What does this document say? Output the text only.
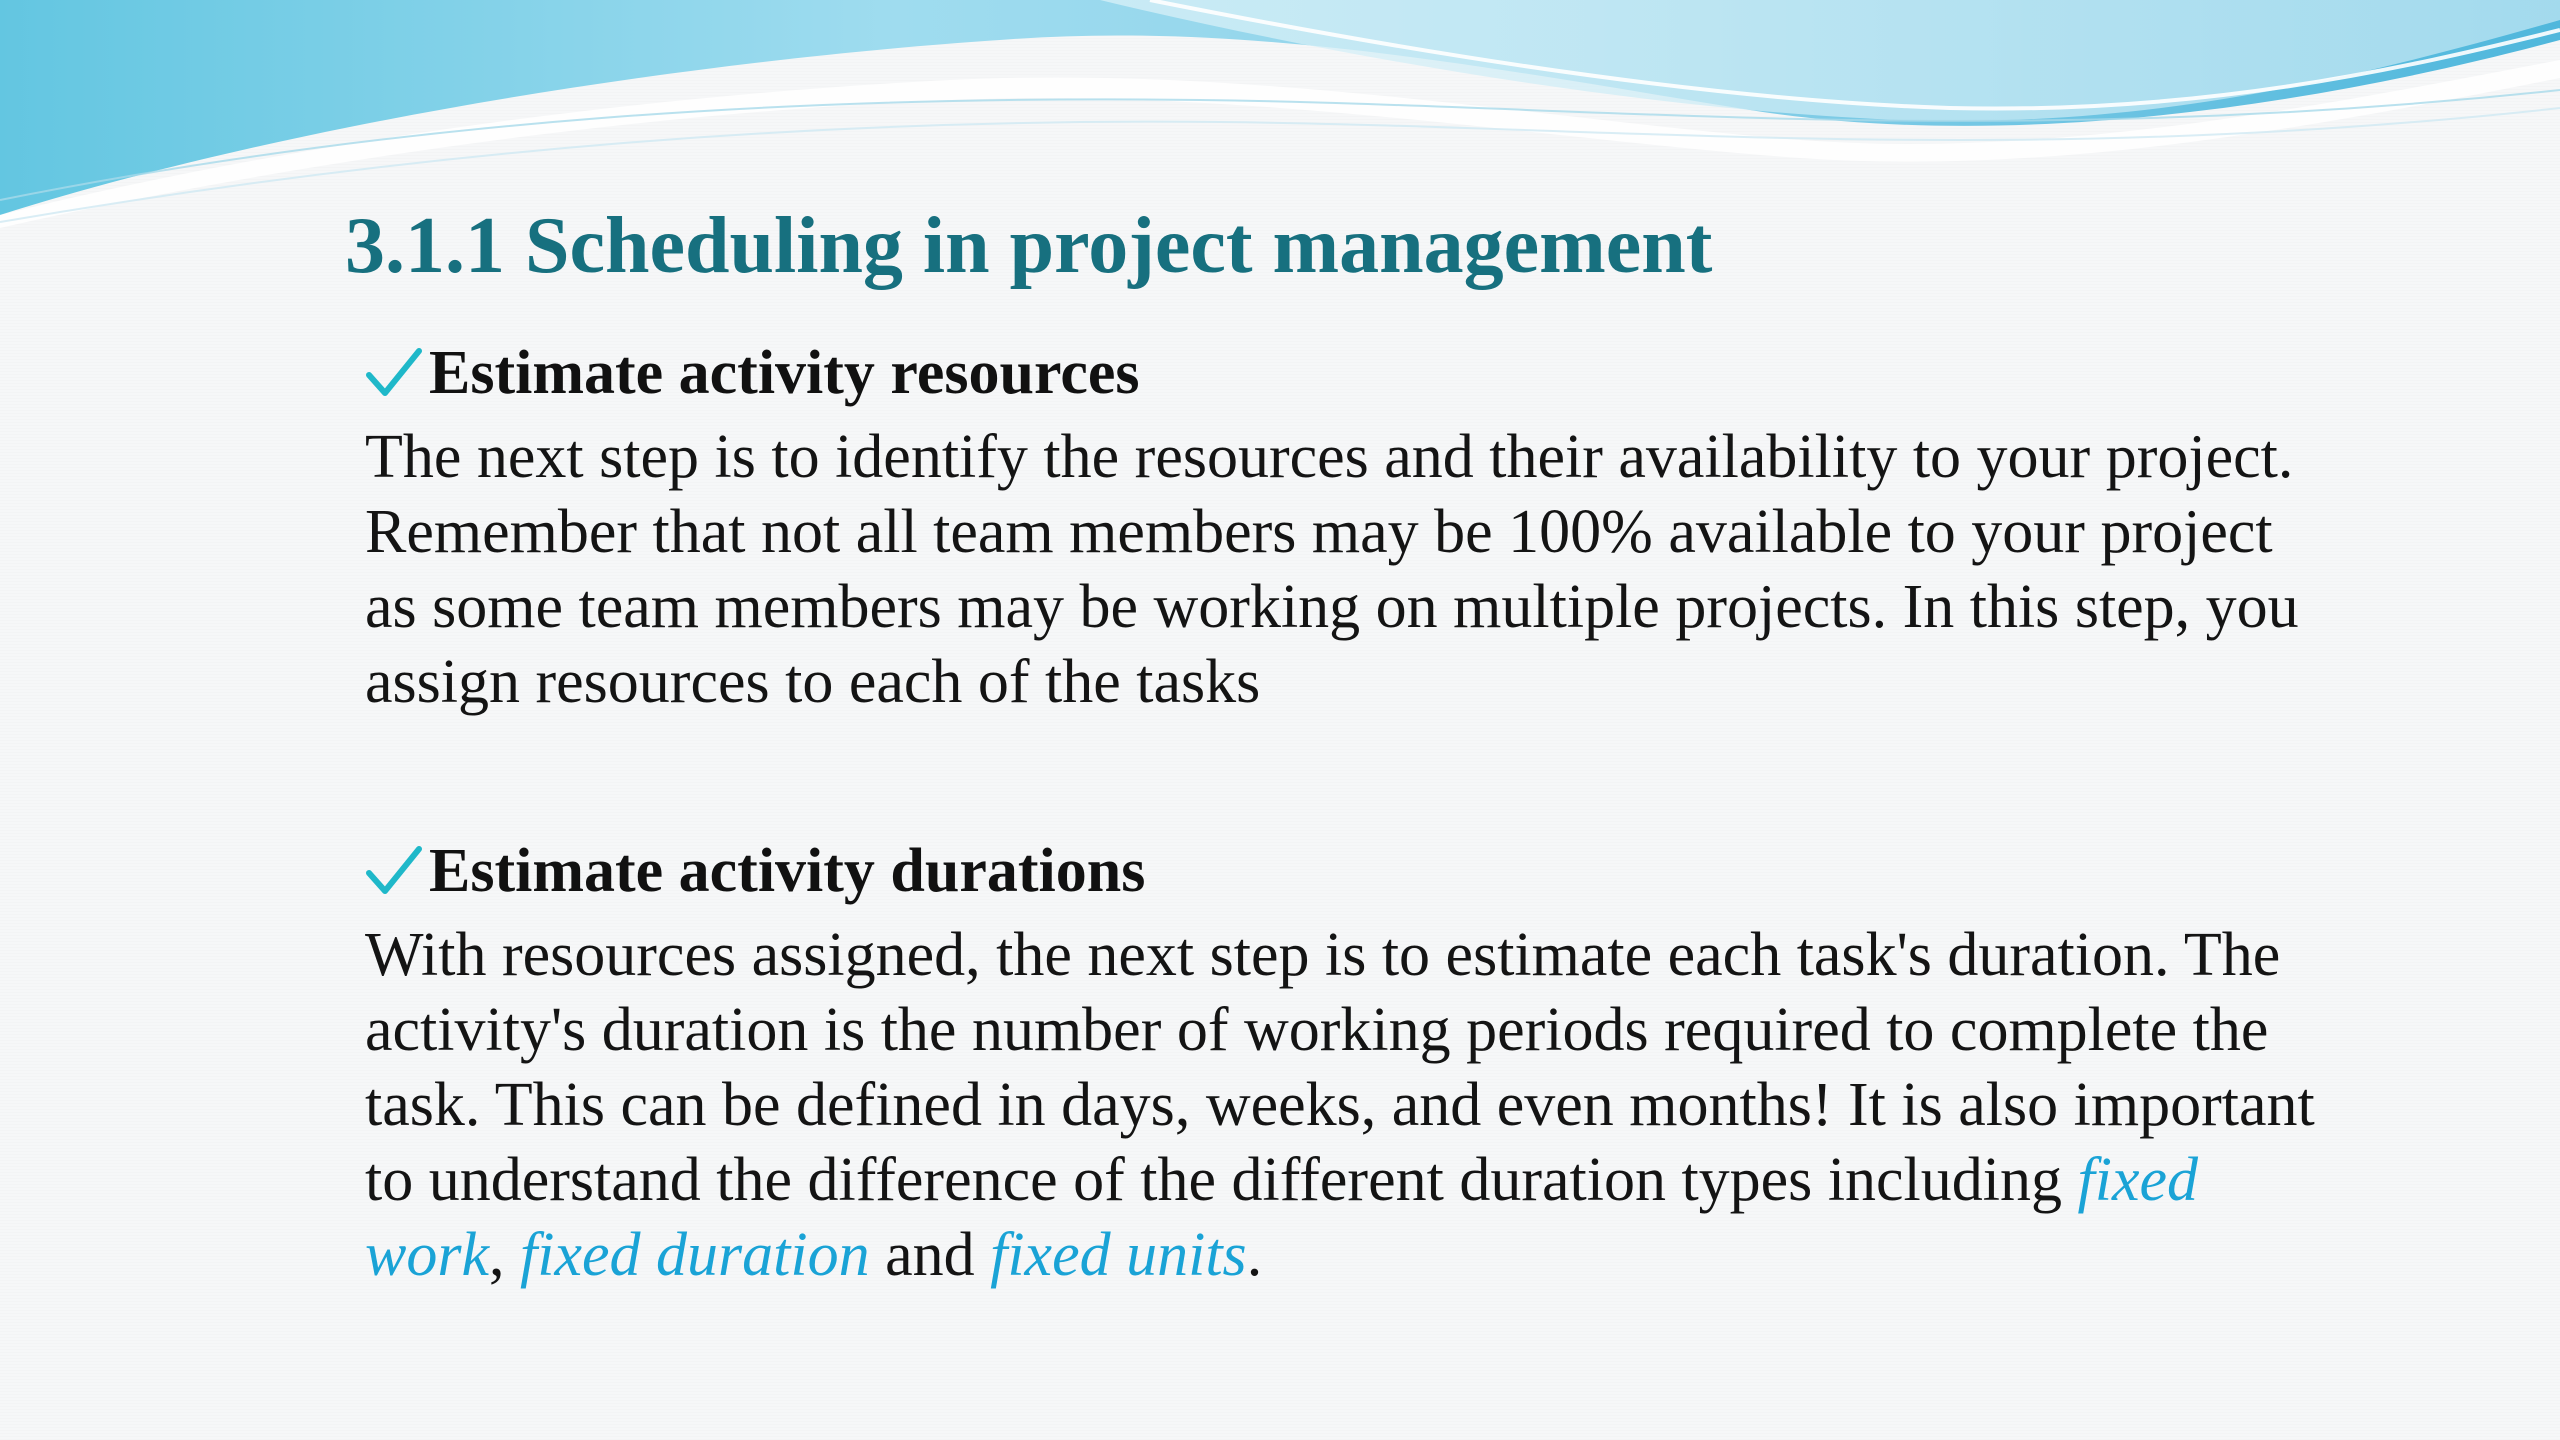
3.1.1 Scheduling in project management
Estimate activity resources

The next step is to identify the resources and their availability to your project. Remember that not all team members may be 100% available to your project as some team members may be working on multiple projects. In this step, you assign resources to each of the tasks

Estimate activity durations

With resources assigned, the next step is to estimate each task's duration. The activity's duration is the number of working periods required to complete the task. This can be defined in days, weeks, and even months! It is also important to understand the difference of the different duration types including fixed work, fixed duration and fixed units.
